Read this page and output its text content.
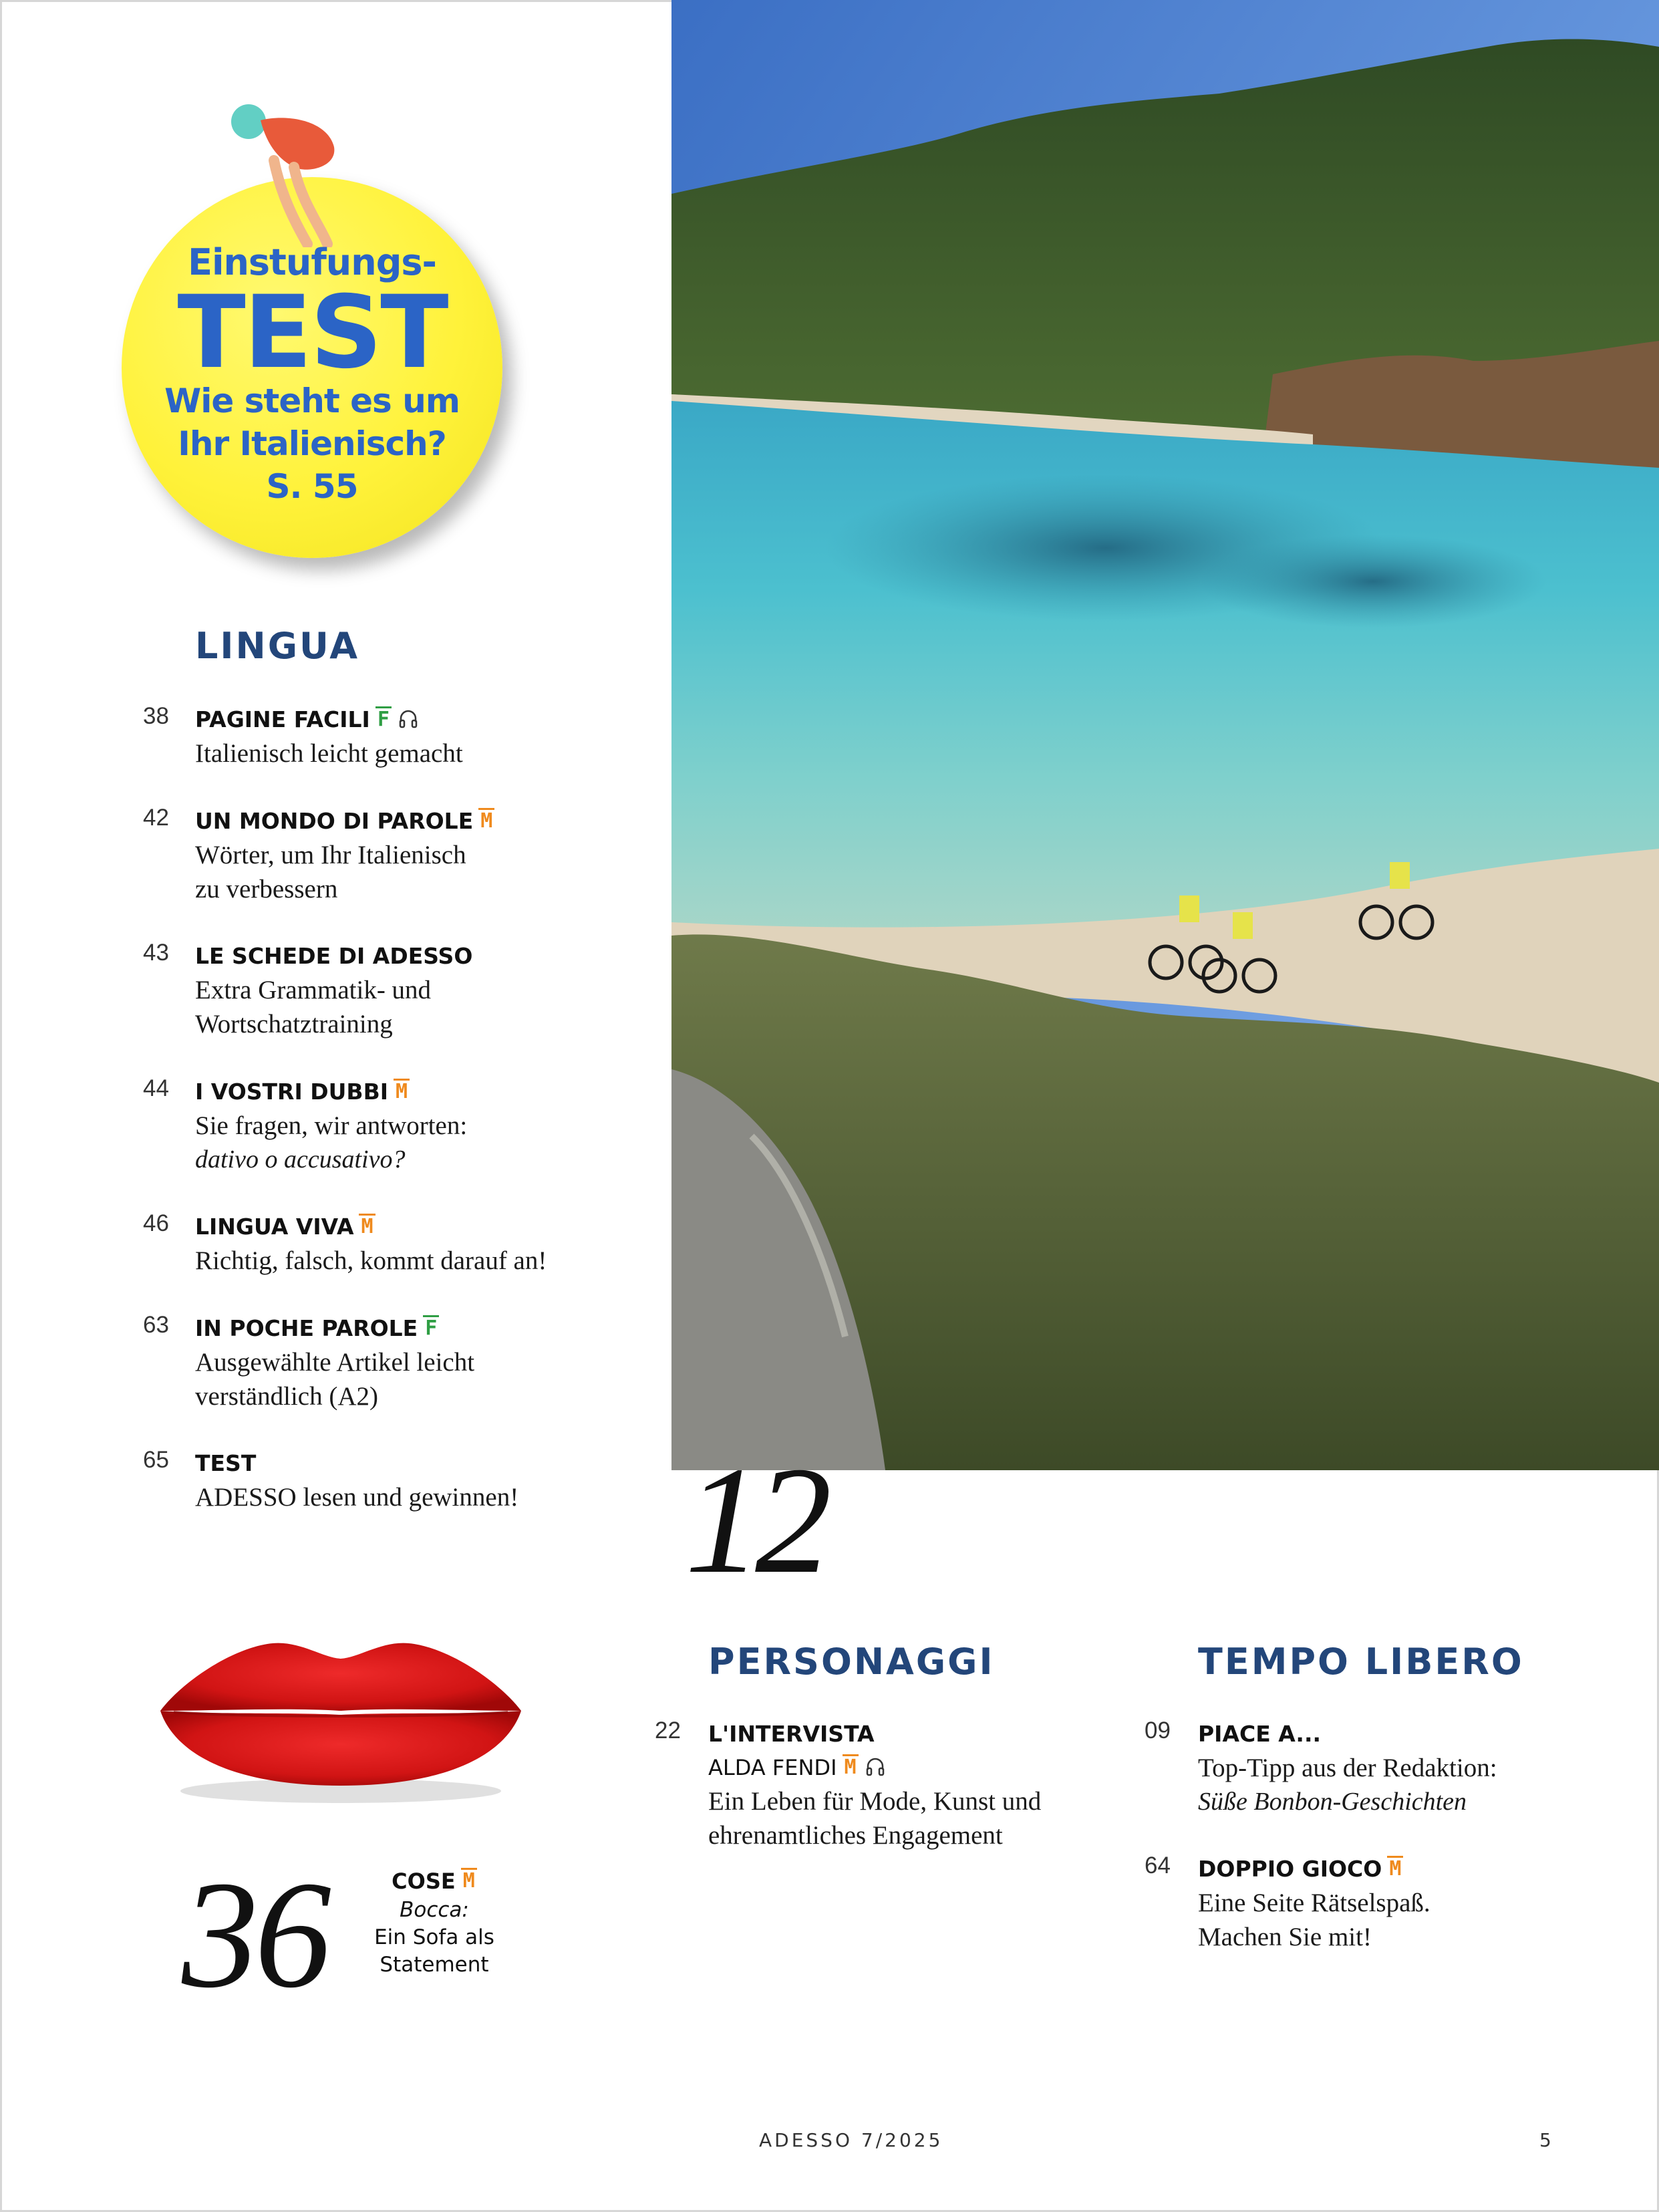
Einstufungs-
TEST
Wie steht es um
Ihr Italienisch?
S. 55
LINGUA
38 PAGINE FACILI F
Italienisch leicht gemacht
42 UN MONDO DI PAROLE M
Wörter, um Ihr Italienisch
zu verbessern
43 LE SCHEDE DI ADESSO
Extra Grammatik- und
Wortschatztraining
44 I VOSTRI DUBBI M
Sie fragen, wir antworten:
dativo o accusativo?
46 LINGUA VIVA M
Richtig, falsch, kommt darauf an!
63 IN POCHE PAROLE F
Ausgewählte Artikel leicht
verständlich (A2)
65 TEST
ADESSO lesen und gewinnen!	12
36	COSE M
Bocca:
Ein Sofa als
Statement
PERSONAGGI
22 L'INTERVISTA
ALDA FENDI M
Ein Leben für Mode, Kunst und
ehrenamtliches Engagement
TEMPO LIBERO
09 PIACE A...
Top-Tipp aus der Redaktion:
Süße Bonbon-Geschichten
64 DOPPIO GIOCO M
Eine Seite Rätselspaß.
Machen Sie mit!
ADESSO 7/2025	5
